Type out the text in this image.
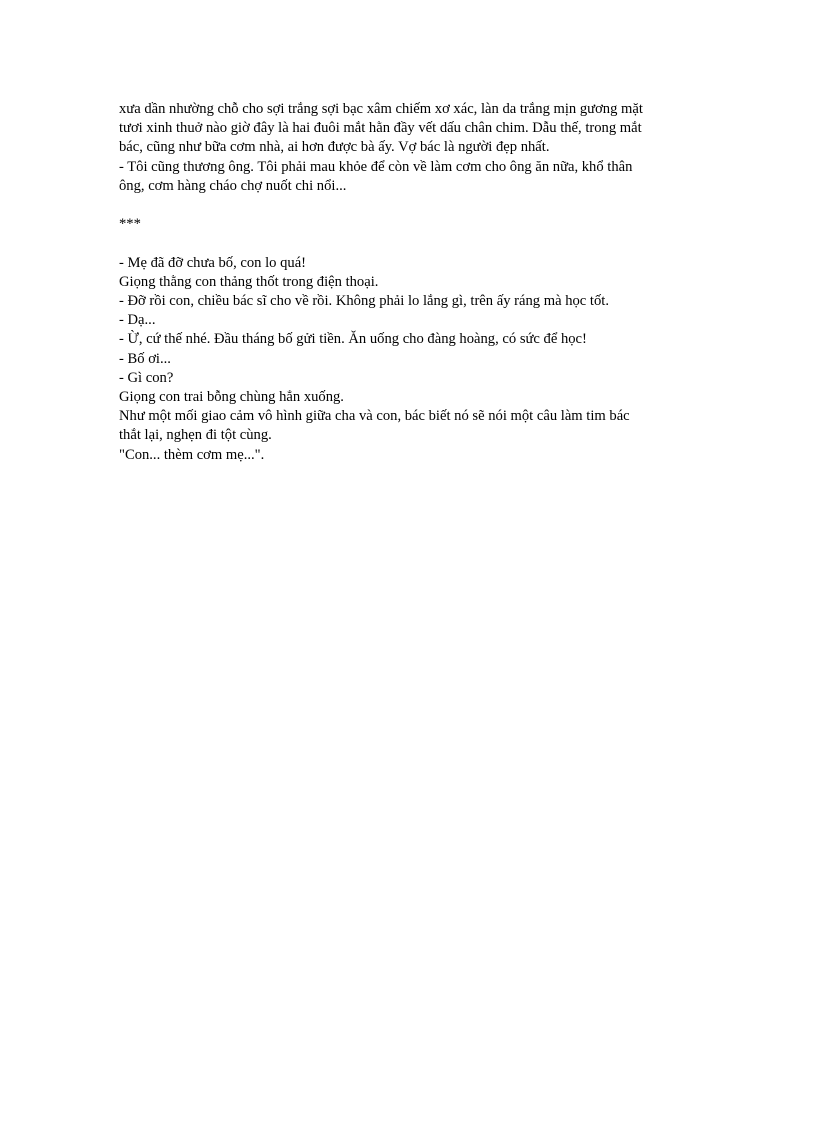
xưa dần nhường chỗ cho sợi trắng sợi bạc xâm chiếm xơ xác, làn da trắng mịn gương mặt
tươi xinh thuở nào giờ đây là hai đuôi mắt hằn đầy vết dấu chân chim. Dẫu thế, trong mắt
bác, cũng như bữa cơm nhà, ai hơn được bà ấy. Vợ bác là người đẹp nhất.
- Tôi cũng thương ông. Tôi phải mau khỏe để còn về làm cơm cho ông ăn nữa, khổ thân
ông, cơm hàng cháo chợ nuốt chi nổi...
***
- Mẹ đã đỡ chưa bố, con lo quá!
Giọng thằng con thảng thốt trong điện thoại.
- Đỡ rồi con, chiều bác sĩ cho về rồi. Không phải lo lắng gì, trên ấy ráng mà học tốt.
- Dạ...
- Ừ, cứ thế nhé. Đầu tháng bố gửi tiền. Ăn uống cho đàng hoàng, có sức để học!
- Bố ơi...
- Gì con?
Giọng con trai bỗng chùng hẳn xuống.
Như một mối giao cảm vô hình giữa cha và con, bác biết nó sẽ nói một câu làm tim bác
thắt lại, nghẹn đi tột cùng.
"Con... thèm cơm mẹ...".
